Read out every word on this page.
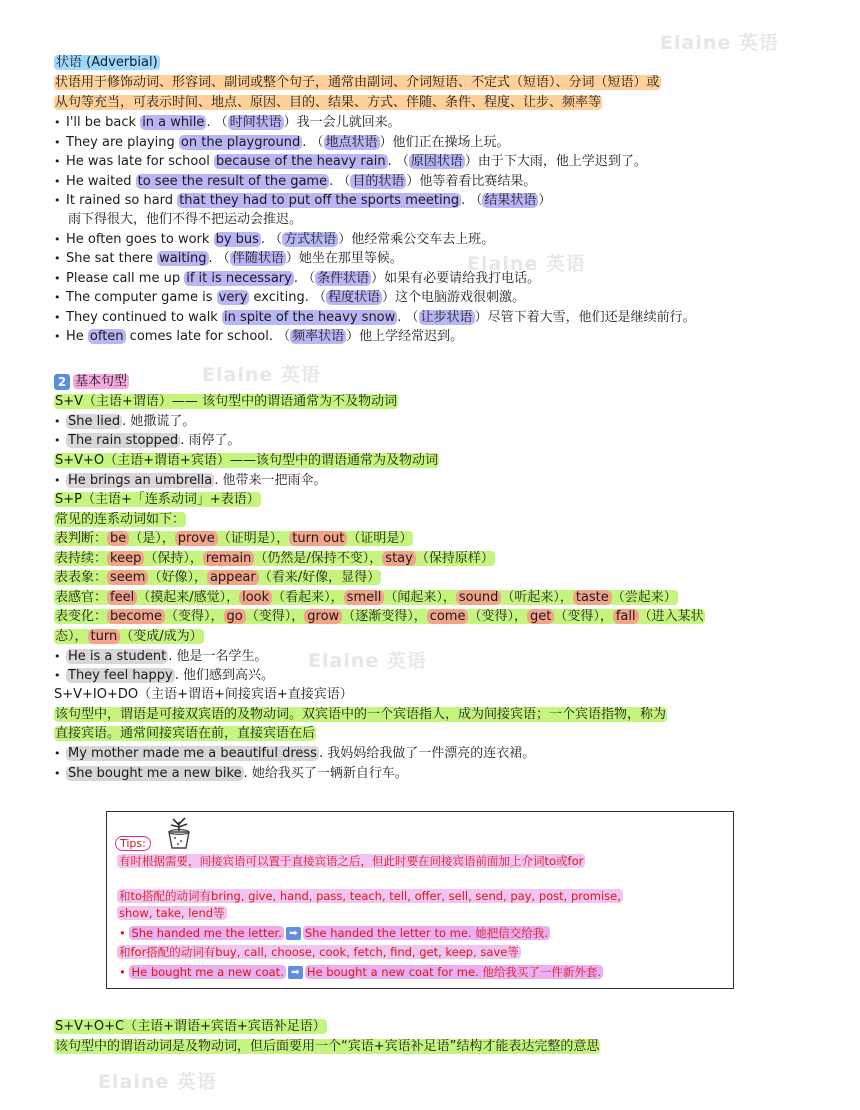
Elaine 英语
Elaine 英语
Elaine 英语
Elaine 英语
Elaine 英语
状语 (Adverbial)
状语用于修饰动词、形容词、副词或整个句子，通常由副词、介词短语、不定式（短语）、分词（短语）或
从句等充当，可表示时间、地点、原因、目的、结果、方式、伴随、条件、程度、让步、频率等
• I'll be back in a while . （ 时间状语 ）我一会儿就回来。
• They are playing on the playground . （ 地点状语 ）他们正在操场上玩。
• He was late for school because of the heavy rain . （ 原因状语 ）由于下大雨，他上学迟到了。
• He waited to see the result of the game . （ 目的状语 ）他等着看比赛结果。
• It rained so hard that they had to put off the sports meeting . （ 结果状语 ）
雨下得很大，他们不得不把运动会推迟。
• He often goes to work by bus . （ 方式状语 ）他经常乘公交车去上班。
• She sat there waiting . （ 伴随状语 ）她坐在那里等候。
• Please call me up if it is necessary . （ 条件状语 ）如果有必要请给我打电话。
• The computer game is very exciting. （ 程度状语 ）这个电脑游戏很刺激。
• They continued to walk in spite of the heavy snow . （ 让步状语 ）尽管下着大雪，他们还是继续前行。
• He often comes late for school. （ 频率状语 ）他上学经常迟到。
2 基本句型
S+V（主语+谓语）—— 该句型中的谓语通常为不及物动词
• She lied . 她撒谎了。
• The rain stopped . 雨停了。
S+V+O（主语+谓语+宾语）——该句型中的谓语通常为及物动词
• He brings an umbrella . 他带来一把雨伞。
S+P（主语+「连系动词」+表语）
常见的连系动词如下：
表判断： be （是）， prove （证明是）， turn out （证明是）
表持续： keep （保持）， remain （仍然是/保持不变）， stay （保持原样）
表表象： seem （好像）， appear （看来/好像，显得）
表感官： feel （摸起来/感觉）， look （看起来）， smell （闻起来）， sound （听起来）， taste （尝起来）
表变化： become （变得）， go （变得）， grow （逐渐变得）， come （变得）， get （变得）， fall （进入某状
态）， turn （变成/成为）
• He is a student . 他是一名学生。
• They feel happy . 他们感到高兴。
S+V+IO+DO（主语+谓语+间接宾语+直接宾语）
该句型中，谓语是可接双宾语的及物动词。双宾语中的一个宾语指人，成为间接宾语；一个宾语指物，称为
直接宾语。通常间接宾语在前，直接宾语在后
• My mother made me a beautiful dress . 我妈妈给我做了一件漂亮的连衣裙。
• She bought me a new bike . 她给我买了一辆新自行车。
Tips:
有时根据需要，间接宾语可以置于直接宾语之后，但此时要在间接宾语前面加上介词to或for
和to搭配的动词有bring, give, hand, pass, teach, tell, offer, sell, send, pay, post, promise,
show, take, lend等
• She handed me the letter. ➡ She handed the letter to me. 她把信交给我.
和for搭配的动词有buy, call, choose, cook, fetch, find, get, keep, save等
• He bought me a new coat. ➡ He bought a new coat for me. 他给我买了一件新外套.
S+V+O+C（主语+谓语+宾语+宾语补足语）
该句型中的谓语动词是及物动词，但后面要用一个“宾语+宾语补足语”结构才能表达完整的意思
